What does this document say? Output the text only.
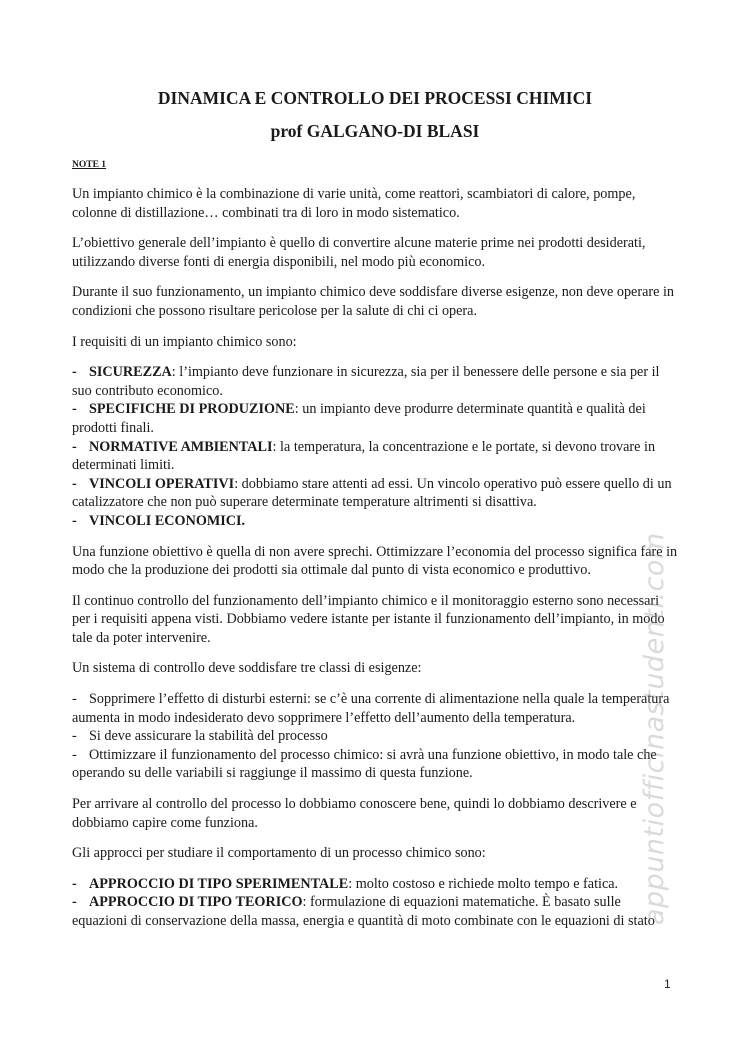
DINAMICA E CONTROLLO DEI PROCESSI CHIMICI
prof GALGANO-DI BLASI
NOTE 1

Un impianto chimico è la combinazione di varie unità, come reattori, scambiatori di calore, pompe, colonne di distillazione… combinati tra di loro in modo sistematico.

L’obiettivo generale dell’impianto è quello di convertire alcune materie prime nei prodotti desiderati, utilizzando diverse fonti di energia disponibili, nel modo più economico.

Durante il suo funzionamento, un impianto chimico deve soddisfare diverse esigenze, non deve operare in condizioni che possono risultare pericolose per la salute di chi ci opera.

I requisiti di un impianto chimico sono:

- SICUREZZA: l’impianto deve funzionare in sicurezza, sia per il benessere delle persone e sia per il suo contributo economico.

- SPECIFICHE DI PRODUZIONE: un impianto deve produrre determinate quantità e qualità dei prodotti finali.

- NORMATIVE AMBIENTALI: la temperatura, la concentrazione e le portate, si devono trovare in determinati limiti.

- VINCOLI OPERATIVI: dobbiamo stare attenti ad essi. Un vincolo operativo può essere quello di un catalizzatore che non può superare determinate temperature altrimenti si disattiva.

- VINCOLI ECONOMICI.

Una funzione obiettivo è quella di non avere sprechi. Ottimizzare l’economia del processo significa fare in modo che la produzione dei prodotti sia ottimale dal punto di vista economico e produttivo.

Il continuo controllo del funzionamento dell’impianto chimico e il monitoraggio esterno sono necessari per i requisiti appena visti. Dobbiamo vedere istante per istante il funzionamento dell’impianto, in modo tale da poter intervenire.

Un sistema di controllo deve soddisfare tre classi di esigenze:

- Sopprimere l’effetto di disturbi esterni: se c’è una corrente di alimentazione nella quale la temperatura aumenta in modo indesiderato devo sopprimere l’effetto dell’aumento della temperatura.

- Si deve assicurare la stabilità del processo

- Ottimizzare il funzionamento del processo chimico: si avrà una funzione obiettivo, in modo tale che operando su delle variabili si raggiunge il massimo di questa funzione.

Per arrivare al controllo del processo lo dobbiamo conoscere bene, quindi lo dobbiamo descrivere e dobbiamo capire come funziona.

Gli approcci per studiare il comportamento di un processo chimico sono:

- APPROCCIO DI TIPO SPERIMENTALE: molto costoso e richiede molto tempo e fatica.

- APPROCCIO DI TIPO TEORICO: formulazione di equazioni matematiche. È basato sulle equazioni di conservazione della massa, energia e quantità di moto combinate con le equazioni di stato

appuntiofficinastudenti.com
1
